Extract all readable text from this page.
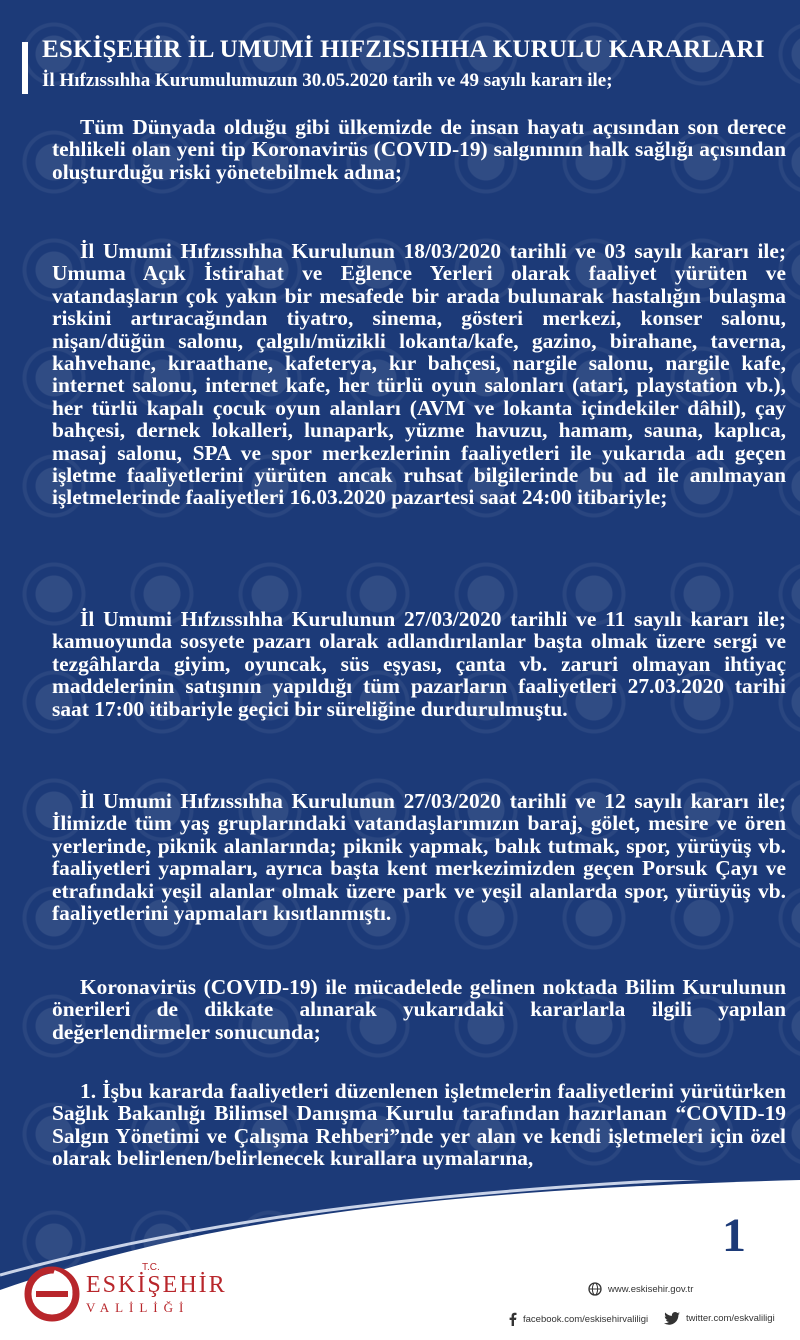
ESKİŞEHİR İL UMUMİ HIFZISSIHHA KURULU KARARLARI
İl Hıfzıssıhha Kurumulumuzun 30.05.2020 tarih ve 49 sayılı kararı ile;

Tüm Dünyada olduğu gibi ülkemizde de insan hayatı açısından son derece tehlikeli olan yeni tip Koronavirüs (COVID-19) salgınının halk sağlığı açısından oluşturduğu riski yönetebilmek adına;

İl Umumi Hıfzıssıhha Kurulunun 18/03/2020 tarihli ve 03 sayılı kararı ile; Umuma Açık İstirahat ve Eğlence Yerleri olarak faaliyet yürüten ve vatandaşların çok yakın bir mesafede bir arada bulunarak hastalığın bulaşma riskini artıracağından tiyatro, sinema, gösteri merkezi, konser salonu, nişan/düğün salonu, çalgılı/müzikli lokanta/kafe, gazino, birahane, taverna, kahvehane, kıraathane, kafeterya, kır bahçesi, nargile salonu, nargile kafe, internet salonu, internet kafe, her türlü oyun salonları (atari, playstation vb.), her türlü kapalı çocuk oyun alanları (AVM ve lokanta içindekiler dâhil), çay bahçesi, dernek lokalleri, lunapark, yüzme havuzu, hamam, sauna, kaplıca, masaj salonu, SPA ve spor merkezlerinin faaliyetleri ile yukarıda adı geçen işletme faaliyetlerini yürüten ancak ruhsat bilgilerinde bu ad ile anılmayan işletmelerinde faaliyetleri 16.03.2020 pazartesi saat 24:00 itibariyle;

İl Umumi Hıfzıssıhha Kurulunun 27/03/2020 tarihli ve 11 sayılı kararı ile; kamuoyunda sosyete pazarı olarak adlandırılanlar başta olmak üzere sergi ve tezgâhlarda giyim, oyuncak, süs eşyası, çanta vb. zaruri olmayan ihtiyaç maddelerinin satışının yapıldığı tüm pazarların faaliyetleri 27.03.2020 tarihi saat 17:00 itibariyle geçici bir süreliğine durdurulmuştu.

İl Umumi Hıfzıssıhha Kurulunun 27/03/2020 tarihli ve 12 sayılı kararı ile; İlimizde tüm yaş gruplarındaki vatandaşlarımızın baraj, gölet, mesire ve ören yerlerinde, piknik alanlarında; piknik yapmak, balık tutmak, spor, yürüyüş vb. faaliyetleri yapmaları, ayrıca başta kent merkezimizden geçen Porsuk Çayı ve etrafındaki yeşil alanlar olmak üzere park ve yeşil alanlarda spor, yürüyüş vb. faaliyetlerini yapmaları kısıtlanmıştı.

Koronavirüs (COVID-19) ile mücadelede gelinen noktada Bilim Kurulunun önerileri de dikkate alınarak yukarıdaki kararlarla ilgili yapılan değerlendirmeler sonucunda;

1. İşbu kararda faaliyetleri düzenlenen işletmelerin faaliyetlerini yürütürken Sağlık Bakanlığı Bilimsel Danışma Kurulu tarafından hazırlanan “COVID-19 Salgın Yönetimi ve Çalışma Rehberi”nde yer alan ve kendi işletmeleri için özel olarak belirlenen/belirlenecek kurallara uymalarına,

1
T.C.
ESKİŞEHİR
VALİLİĞİ
www.eskisehir.gov.tr
facebook.com/eskisehirvaliligi	twitter.com/eskvaliligi
